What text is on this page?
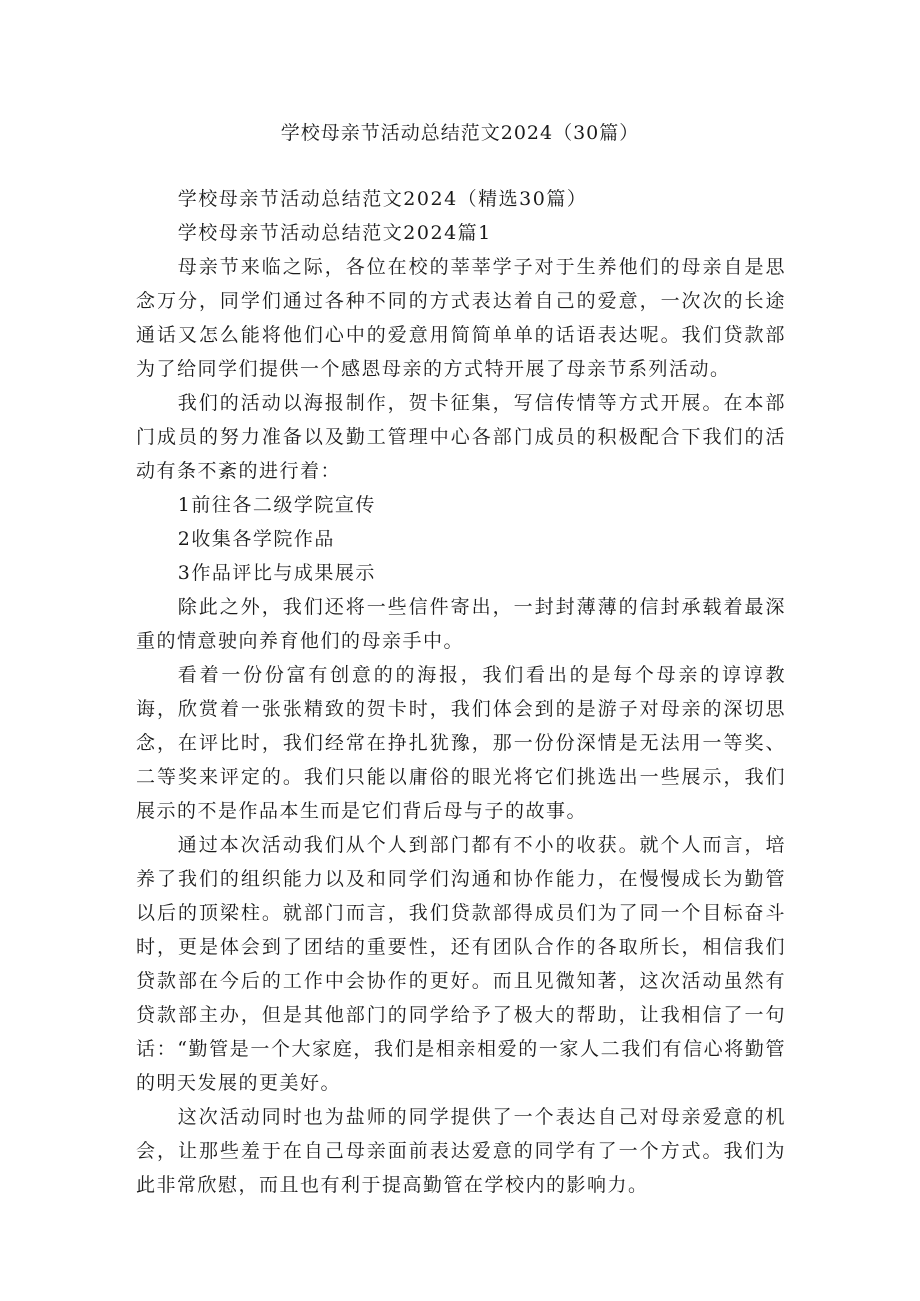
学校母亲节活动总结范文2024（30篇）

学校母亲节活动总结范文2024（精选30篇）

学校母亲节活动总结范文2024篇1

母亲节来临之际，各位在校的莘莘学子对于生养他们的母亲自是思念万分，同学们通过各种不同的方式表达着自己的爱意，一次次的长途通话又怎么能将他们心中的爱意用简简单单的话语表达呢。我们贷款部为了给同学们提供一个感恩母亲的方式特开展了母亲节系列活动。

我们的活动以海报制作，贺卡征集，写信传情等方式开展。在本部门成员的努力准备以及勤工管理中心各部门成员的积极配合下我们的活动有条不紊的进行着：

1前往各二级学院宣传

2收集各学院作品

3作品评比与成果展示

除此之外，我们还将一些信件寄出，一封封薄薄的信封承载着最深重的情意驶向养育他们的母亲手中。

看着一份份富有创意的的海报，我们看出的是每个母亲的谆谆教诲，欣赏着一张张精致的贺卡时，我们体会到的是游子对母亲的深切思念，在评比时，我们经常在挣扎犹豫，那一份份深情是无法用一等奖、二等奖来评定的。我们只能以庸俗的眼光将它们挑选出一些展示，我们展示的不是作品本生而是它们背后母与子的故事。

通过本次活动我们从个人到部门都有不小的收获。就个人而言，培养了我们的组织能力以及和同学们沟通和协作能力，在慢慢成长为勤管以后的顶梁柱。就部门而言，我们贷款部得成员们为了同一个目标奋斗时，更是体会到了团结的重要性，还有团队合作的各取所长，相信我们贷款部在今后的工作中会协作的更好。而且见微知著，这次活动虽然有贷款部主办，但是其他部门的同学给予了极大的帮助，让我相信了一句话：“勤管是一个大家庭，我们是相亲相爱的一家人二我们有信心将勤管的明天发展的更美好。

这次活动同时也为盐师的同学提供了一个表达自己对母亲爱意的机会，让那些羞于在自己母亲面前表达爱意的同学有了一个方式。我们为此非常欣慰，而且也有利于提高勤管在学校内的影响力。
